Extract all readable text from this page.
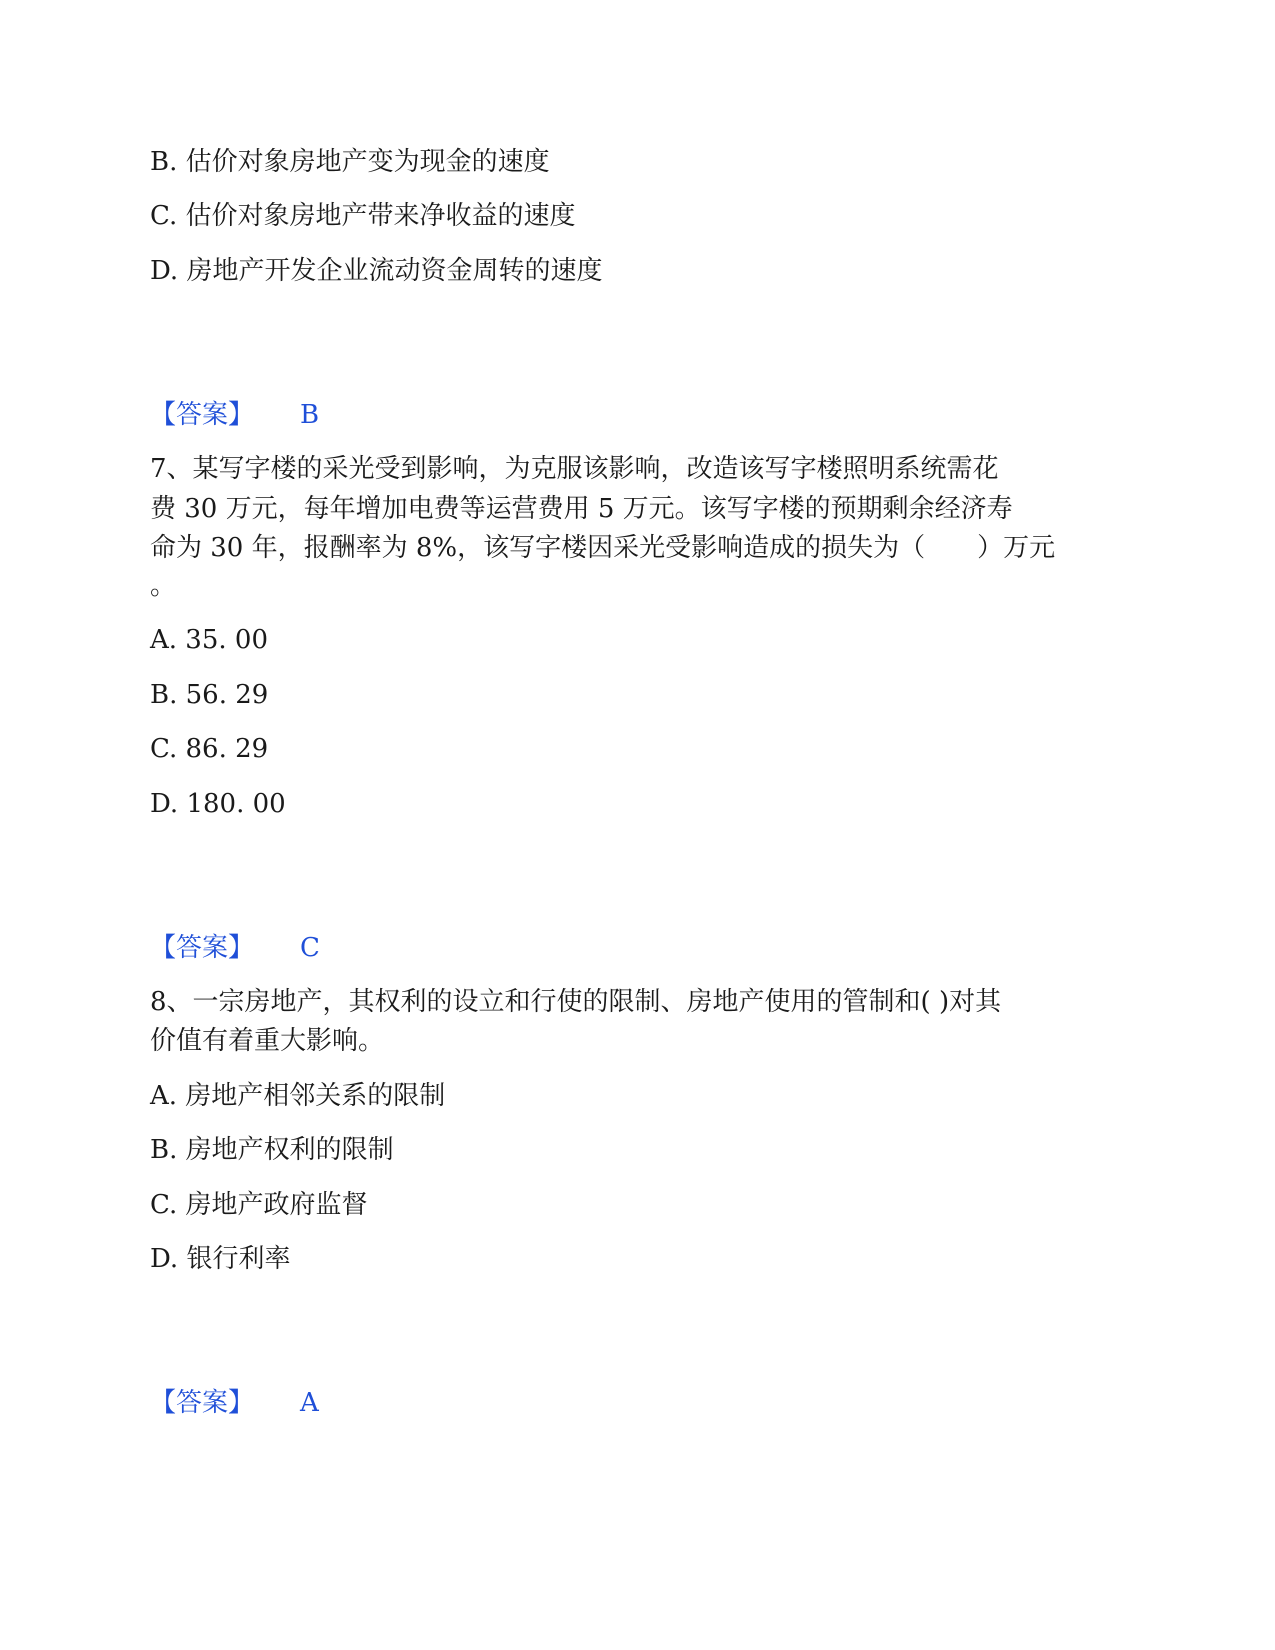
B. 估价对象房地产变为现金的速度
C. 估价对象房地产带来净收益的速度
D. 房地产开发企业流动资金周转的速度
【答案】 B
7、某写字楼的采光受到影响，为克服该影响，改造该写字楼照明系统需花
费 30 万元，每年增加电费等运营费用 5 万元。该写字楼的预期剩余经济寿
命为 30 年，报酬率为 8%，该写字楼因采光受影响造成的损失为（　　）万元
。
A. 35. 00
B. 56. 29
C. 86. 29
D. 180. 00
【答案】 C
8、一宗房地产，其权利的设立和行使的限制、房地产使用的管制和( )对其
价值有着重大影响。
A. 房地产相邻关系的限制
B. 房地产权利的限制
C. 房地产政府监督
D. 银行利率
【答案】 A
